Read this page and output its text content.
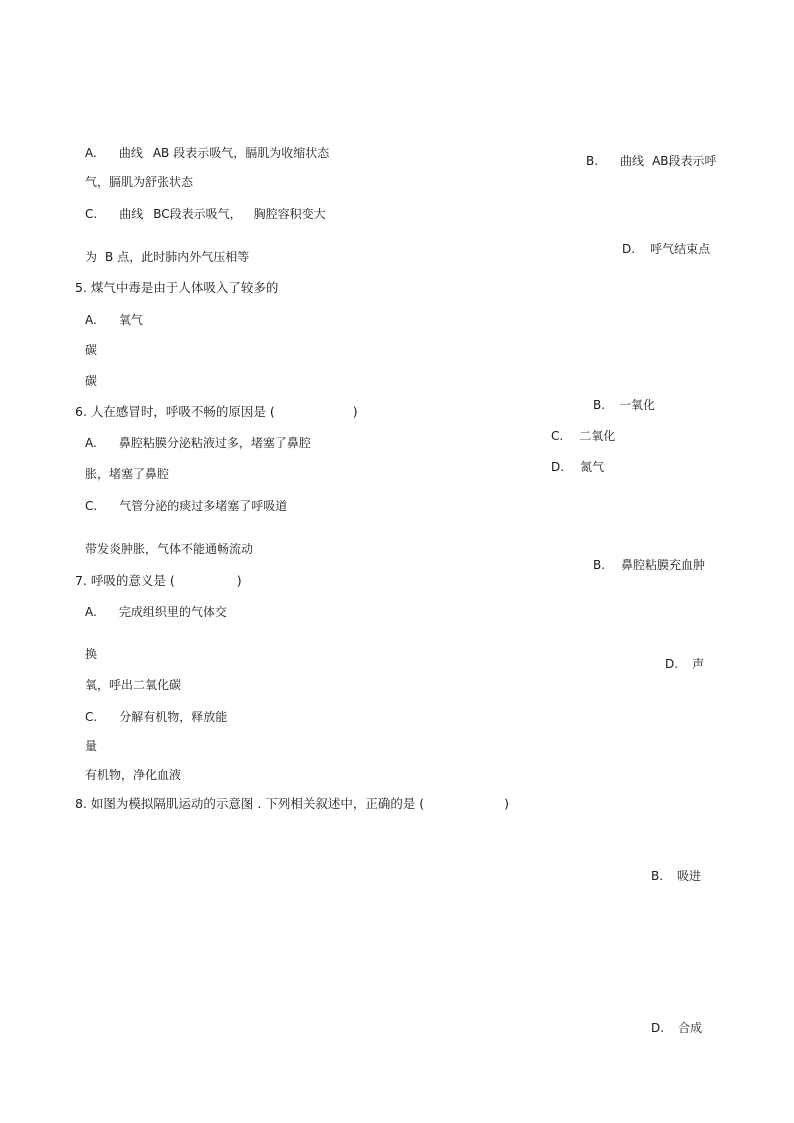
A. 曲线 AB 段表示吸气，膈肌为收缩状态
B. 曲线 AB段表示呼
气，膈肌为舒张状态
C. 曲线 BC段表示吸气， 胸腔容积变大
D. 呼气结束点
为 B 点，此时肺内外气压相等
5. 煤气中毒是由于人体吸入了较多的
A. 氧气
碳
碳
B. 一氧化
6. 人在感冒时，呼吸不畅的原因是 (	)
C. 二氧化
A. 鼻腔粘膜分泌粘液过多，堵塞了鼻腔
D. 氮气
胀，堵塞了鼻腔
C. 气管分泌的痰过多堵塞了呼吸道
带发炎肿胀，气体不能通畅流动
B. 鼻腔粘膜充血肿
7. 呼吸的意义是 (	)
A. 完成组织里的气体交
换
D. 声
氧，呼出二氧化碳
C. 分解有机物，释放能
量
有机物，净化血液
8. 如图为模拟隔肌运动的示意图 . 下列相关叙述中，正确的是 (	)
B. 吸进
D. 合成
